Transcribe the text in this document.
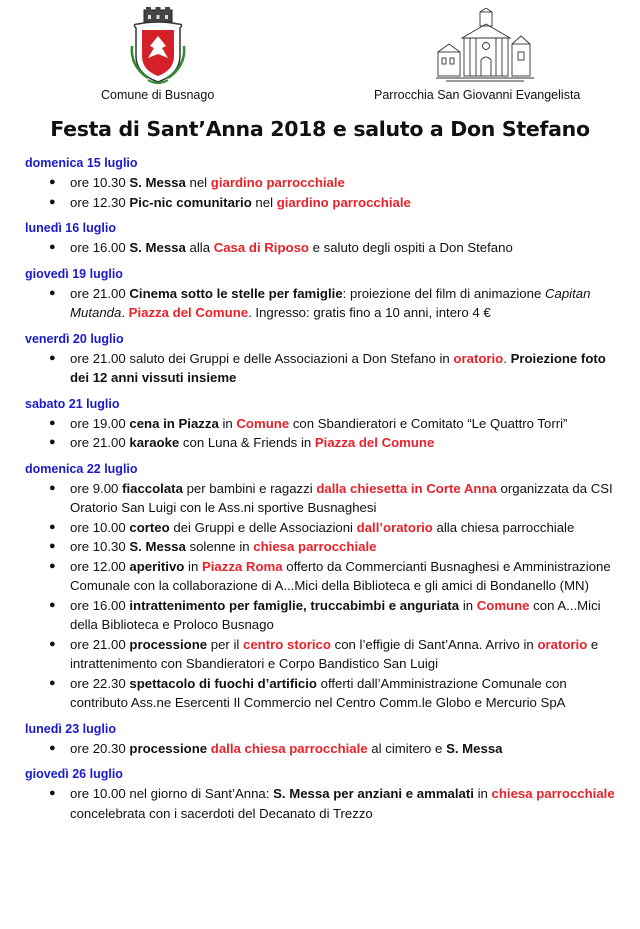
Comune di Busnago	Parrocchia San Giovanni Evangelista
Festa di Sant’Anna 2018 e saluto a Don Stefano
domenica 15 luglio
● ore 10.30 S. Messa nel giardino parrocchiale
● ore 12.30 Pic-nic comunitario nel giardino parrocchiale
lunedì 16 luglio
● ore 16.00 S. Messa alla Casa di Riposo e saluto degli ospiti a Don Stefano
giovedì 19 luglio
● ore 21.00 Cinema sotto le stelle per famiglie: proiezione del film di animazione Capitan Mutanda. Piazza del Comune. Ingresso: gratis fino a 10 anni, intero 4 €
venerdì 20 luglio
● ore 21.00 saluto dei Gruppi e delle Associazioni a Don Stefano in oratorio. Proiezione foto dei 12 anni vissuti insieme
sabato 21 luglio
● ore 19.00 cena in Piazza in Comune con Sbandieratori e Comitato “Le Quattro Torri”
● ore 21.00 karaoke con Luna & Friends in Piazza del Comune
domenica 22 luglio
● ore 9.00 fiaccolata per bambini e ragazzi dalla chiesetta in Corte Anna organizzata da CSI Oratorio San Luigi con le Ass.ni sportive Busnaghesi
● ore 10.00 corteo dei Gruppi e delle Associazioni dall’oratorio alla chiesa parrocchiale
● ore 10.30 S. Messa solenne in chiesa parrocchiale
● ore 12.00 aperitivo in Piazza Roma offerto da Commercianti Busnaghesi e Amministrazione Comunale con la collaborazione di A...Mici della Biblioteca e gli amici di Bondanello (MN)
● ore 16.00 intrattenimento per famiglie, truccabimbi e anguriata in Comune con A...Mici della Biblioteca e Proloco Busnago
● ore 21.00 processione per il centro storico con l’effigie di Sant’Anna. Arrivo in oratorio e intrattenimento con Sbandieratori e Corpo Bandistico San Luigi
● ore 22.30 spettacolo di fuochi d’artificio offerti dall’Amministrazione Comunale con contributo Ass.ne Esercenti Il Commercio nel Centro Comm.le Globo e Mercurio SpA
lunedì 23 luglio
● ore 20.30 processione dalla chiesa parrocchiale al cimitero e S. Messa
giovedì 26 luglio
● ore 10.00 nel giorno di Sant’Anna: S. Messa per anziani e ammalati in chiesa parrocchiale concelebrata con i sacerdoti del Decanato di Trezzo
